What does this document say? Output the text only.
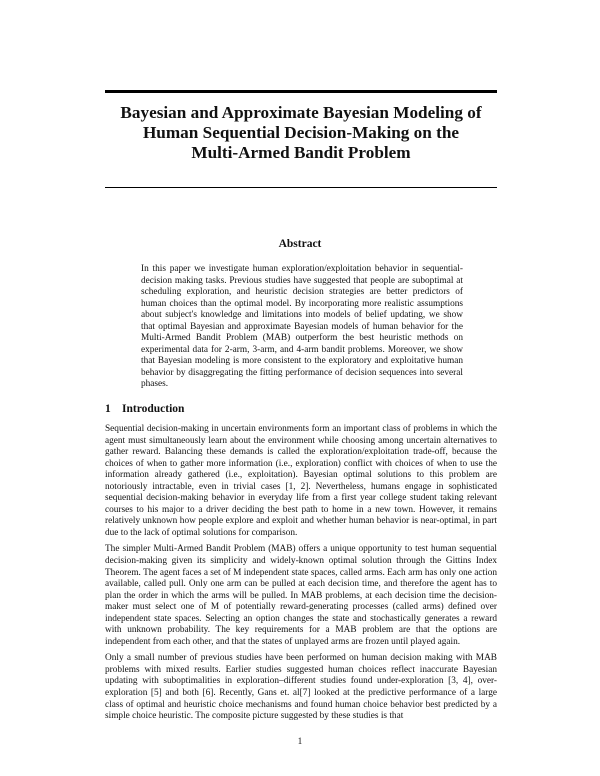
Bayesian and Approximate Bayesian Modeling of
Human Sequential Decision-Making on the
Multi-Armed Bandit Problem
Abstract

In this paper we investigate human exploration/exploitation behavior in sequential-decision making tasks. Previous studies have suggested that people are suboptimal at scheduling exploration, and heuristic decision strategies are better predictors of human choices than the optimal model. By incorporating more realistic assumptions about subject's knowledge and limitations into models of belief updating, we show that optimal Bayesian and approximate Bayesian models of human behavior for the Multi-Armed Bandit Problem (MAB) outperform the best heuristic methods on experimental data for 2-arm, 3-arm, and 4-arm bandit problems. Moreover, we show that Bayesian modeling is more consistent to the exploratory and exploitative human behavior by disaggregating the fitting performance of decision sequences into several phases.

1 Introduction

Sequential decision-making in uncertain environments form an important class of problems in which the agent must simultaneously learn about the environment while choosing among uncertain alternatives to gather reward. Balancing these demands is called the exploration/exploitation trade-off, because the choices of when to gather more information (i.e., exploration) conflict with choices of when to use the information already gathered (i.e., exploitation). Bayesian optimal solutions to this problem are notoriously intractable, even in trivial cases [1, 2]. Nevertheless, humans engage in sophisticated sequential decision-making behavior in everyday life from a first year college student taking relevant courses to his major to a driver deciding the best path to home in a new town. However, it remains relatively unknown how people explore and exploit and whether human behavior is near-optimal, in part due to the lack of optimal solutions for comparison.

The simpler Multi-Armed Bandit Problem (MAB) offers a unique opportunity to test human sequential decision-making given its simplicity and widely-known optimal solution through the Gittins Index Theorem. The agent faces a set of M independent state spaces, called arms. Each arm has only one action available, called pull. Only one arm can be pulled at each decision time, and therefore the agent has to plan the order in which the arms will be pulled. In MAB problems, at each decision time the decision-maker must select one of M of potentially reward-generating processes (called arms) defined over independent state spaces. Selecting an option changes the state and stochastically generates a reward with unknown probability. The key requirements for a MAB problem are that the options are independent from each other, and that the states of unplayed arms are frozen until played again.

Only a small number of previous studies have been performed on human decision making with MAB problems with mixed results. Earlier studies suggested human choices reflect inaccurate Bayesian updating with suboptimalities in exploration–different studies found under-exploration [3, 4], over-exploration [5] and both [6]. Recently, Gans et. al[7] looked at the predictive performance of a large class of optimal and heuristic choice mechanisms and found human choice behavior best predicted by a simple choice heuristic. The composite picture suggested by these studies is that

1
